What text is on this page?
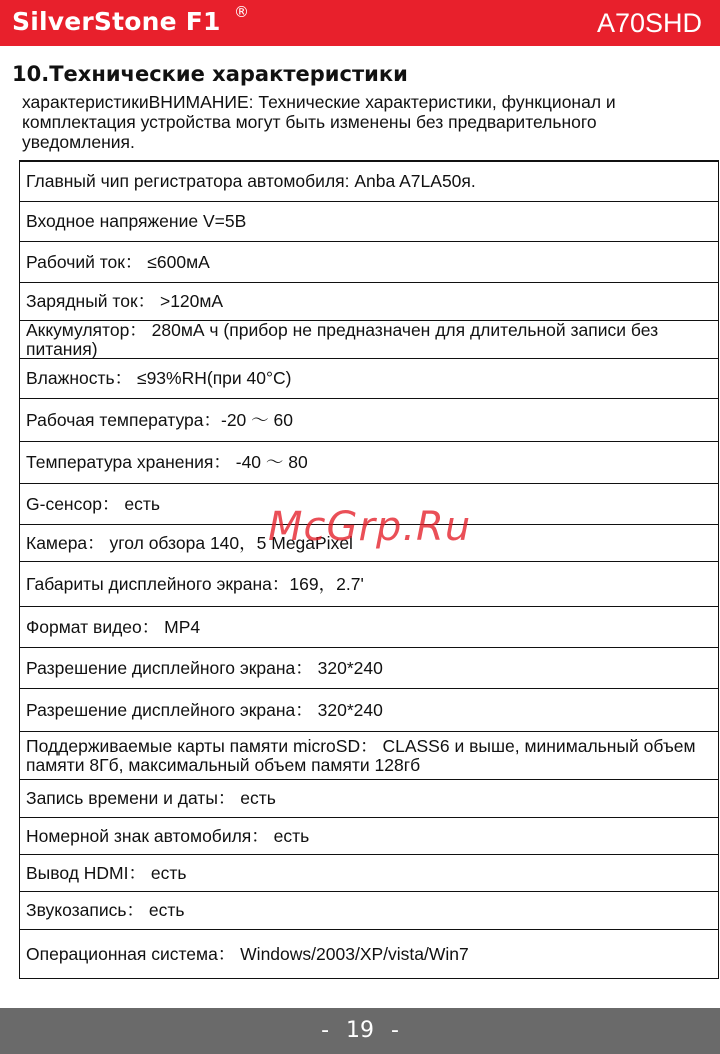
SilverStone F1 ®	A70SHD
10.Технические характеристики
характеристикиВНИМАНИЕ: Технические характеристики, функционал и комплектация устройства могут быть изменены без предварительного уведомления.
Главный чип регистратора автомобиля: Anba A7LA50я.
Входное напряжение V=5В
Рабочий ток： ≤600мА
Зарядный ток： >120мА
Аккумулятор： 280мА ч (прибор не предназначен для длительной записи без питания)
Влажность： ≤93%RH(при 40°C)
Рабочая температура：-20 ～ 60
Температура хранения： -40 ～ 80
G-сенсор： есть
Камера： угол обзора 140，5 MegaPixel
Габариты дисплейного экрана：169，2.7'
Формат видео： MP4
Разрешение дисплейного экрана： 320*240
Разрешение дисплейного экрана： 320*240
Поддерживаемые карты памяти microSD： CLASS6 и выше, минимальный объем памяти 8Гб, максимальный объем памяти 128гб
Запись времени и даты： есть
Номерной знак автомобиля： есть
Вывод HDMI： есть
Звукозапись： есть
Операционная система： Windows/2003/XP/vista/Win7
McGrp.Ru
- 19 -
